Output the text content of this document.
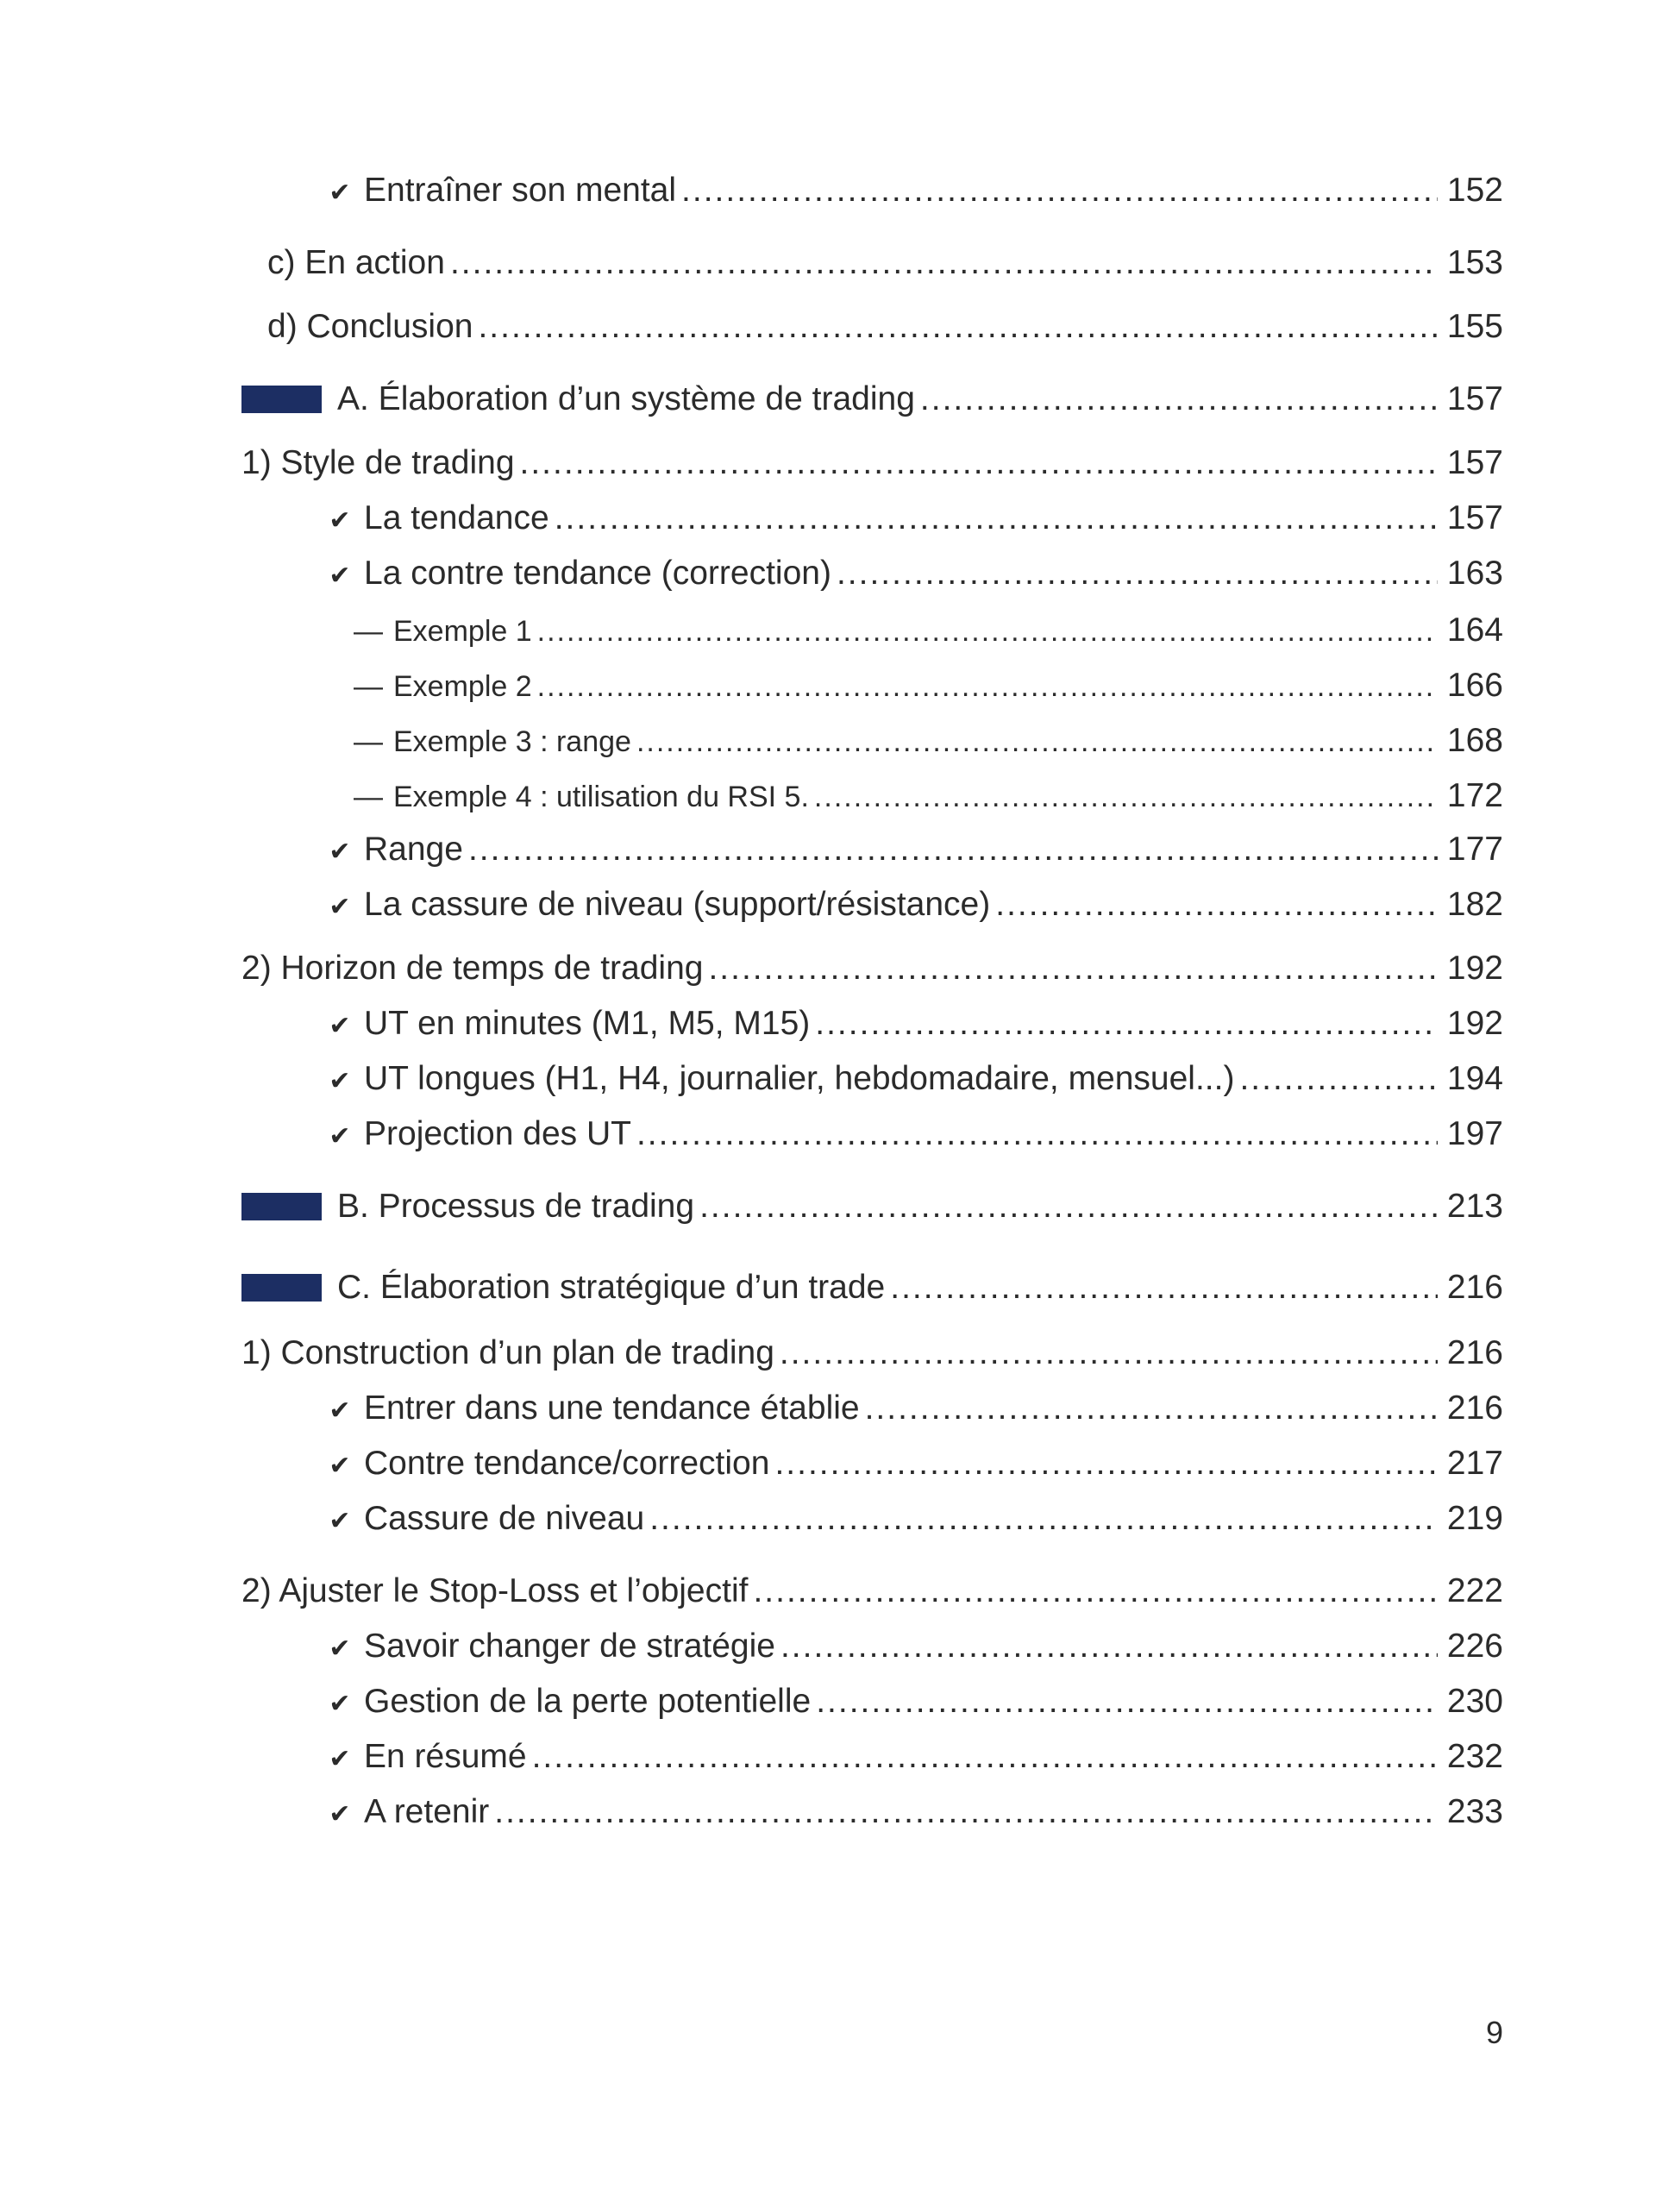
✔ Entraîner son mental .....	152
c) En action .....	153
d) Conclusion .....	155
A. Élaboration d’un système de trading .....	157
1) Style de trading .....	157
✔ La tendance .....	157
✔ La contre tendance (correction) .....	163
— Exemple 1 .....	164
— Exemple 2 .....	166
— Exemple 3 : range .....	168
— Exemple 4 : utilisation du RSI 5. .....	172
✔ Range .....	177
✔ La cassure de niveau (support/résistance) .....	182
2) Horizon de temps de trading .....	192
✔ UT en minutes (M1, M5, M15) .....	192
✔ UT longues (H1, H4, journalier, hebdomadaire, mensuel...) .....	194
✔ Projection des UT .....	197
B. Processus de trading .....	213
C. Élaboration stratégique d’un trade .....	216
1) Construction d’un plan de trading .....	216
✔ Entrer dans une tendance établie .....	216
✔ Contre tendance/correction .....	217
✔ Cassure de niveau .....	219
2) Ajuster le Stop-Loss et l’objectif .....	222
✔ Savoir changer de stratégie .....	226
✔ Gestion de la perte potentielle .....	230
✔ En résumé .....	232
✔ A retenir .....	233
9
